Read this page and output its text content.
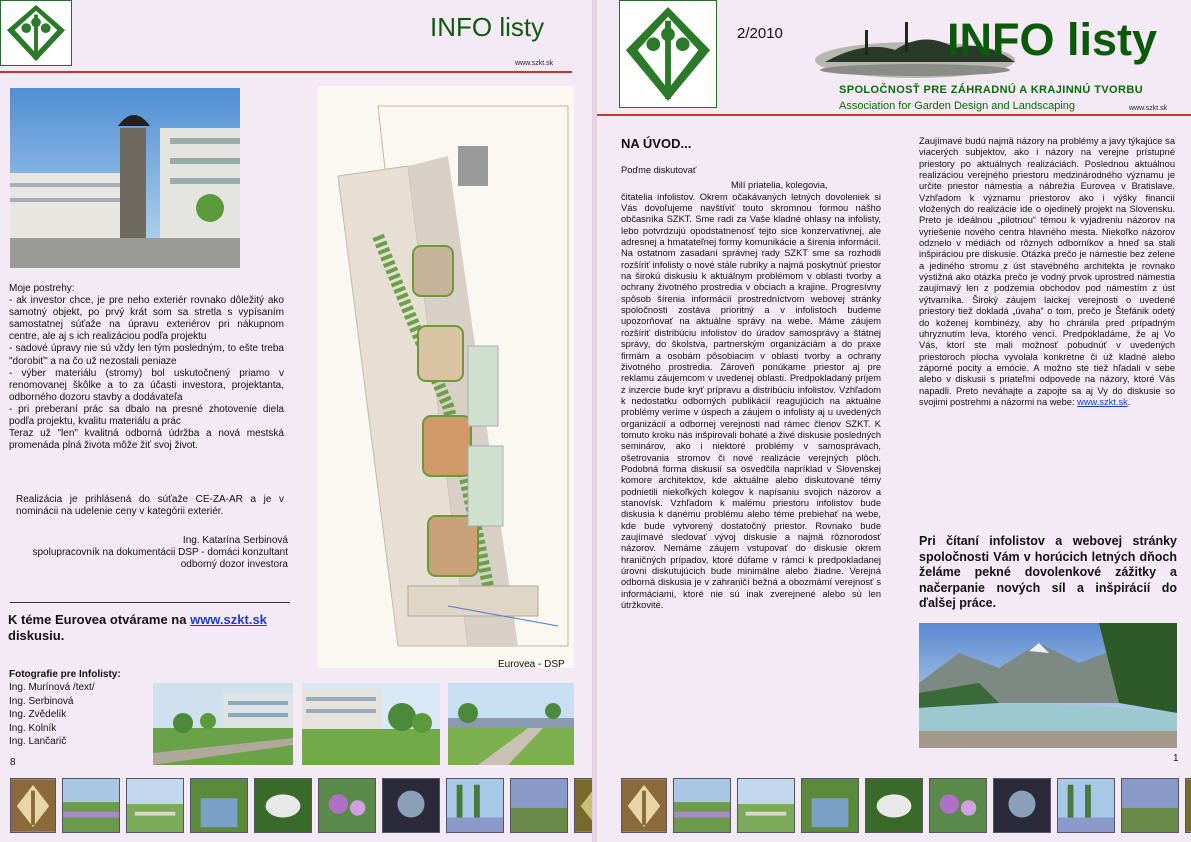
INFO listy
www.szkt.sk

Moje postrehy:

- ak investor chce, je pre neho exteriér rovnako dôležitý ako samotný objekt, po prvý krát som sa stretla s vypísaním samostatnej súťaže na úpravu exteriérov pri nákupnom centre, ale aj s ich realizáciou podľa projektu
- sadové úpravy nie sú vždy len tým posledným, to ešte treba "dorobiť" a na čo už nezostali peniaze
- výber materiálu (stromy) bol uskutočnený priamo v renomovanej škôlke a to za účasti investora, projektanta, odborného dozoru stavby a dodávateľa
- pri preberaní prác sa dbalo na presné zhotovenie diela podľa projektu, kvalitu materiálu a prác
Teraz už "len" kvalitná odborná údržba a nová mestská promenáda plná života môže žiť svoj život.

Realizácia je prihlásená do súťaže CE-ZA-AR a je v nominácii na udelenie ceny v kategórii exteriér.
Ing. Katarína Serbinová
spolupracovník na dokumentácii DSP - domáci konzultant
odborný dozor investora
K téme Eurovea otvárame na www.szkt.sk
diskusiu.
Eurovea - DSP
Fotografie pre Infolisty:
Ing. Murínová /text/
Ing. Serbinová
Ing. Zvědelík
Ing. Kolník
Ing. Lančarič
8
2/2010	INFO listy
SPOLOČNOSŤ PRE ZÁHRADNÚ A KRAJINNÚ TVORBU
Association for Garden Design and Landscaping	www.szkt.sk
NA ÚVOD...
Poďme diskutovať
Milí priatelia, kolegovia,
čitatelia infolistov. Okrem očakávaných letných dovoleniek si Vás dovoľujeme navštíviť touto skromnou formou nášho občasníka SZKT. Sme radi za Vaše kladné ohlasy na infolisty, lebo potvrdzujú opodstatnenosť tejto sice konzervatívnej, ale adresnej a hmatateľnej formy komunikácie a šírenia informácií. Na ostatnom zasadaní správnej rady SZKT sme sa rozhodli rozšíriť infolisty o nové stále rubriky a najmä poskytnúť priestor na širokú diskusiu k aktuálnym problémom v oblasti tvorby a ochrany životného prostredia v obciach a krajine. Progresívny spôsob šírenia informácií prostredníctvom webovej stránky spoločnosti zostáva prioritný a v infolistoch budeme upozorňovať na aktuálne správy na webe. Máme záujem rozšíriť distribúciu infolistov do úradov samosprávy a štátnej správy, do školstva, partnerským organizáciám a do praxe firmám a osobám pôsobiacim v oblasti tvorby a ochrany životného prostredia. Zároveň ponúkame priestor aj pre reklamu záujemcom v uvedenej oblasti. Predpokladaný príjem z inzercie bude kryť prípravu a distribúciu infolistov. Vzhľadom k nedostatku odborných publikácií reagujúcich na aktuálne problémy veríme v úspech a záujem o infolisty aj u uvedených organizácií a odbornej verejnosti nad rámec členov SZKT. K tomuto kroku nás inšpirovali bohaté a živé diskusie posledných seminárov, ako i niektoré problémy v samosprávach, ošetrovania stromov či nové realizácie verejných plôch. Podobná forma diskusií sa osvedčila napríklad v Slovenskej komore architektov, kde aktuálne alebo diskutované témy podnietili niekoľkých kolegov k napísaniu svojich názorov a stanovísk. Vzhľadom k malému priestoru infolistov bude diskusia k danému problému alebo téme prebiehať na webe, kde bude vytvorený dostatočný priestor. Rovnako bude zaujímavé sledovať vývoj diskusie a najmä rôznorodosť názorov. Nemáme záujem vstupovať do diskusie okrem hraničných prípadov, ktoré dúfame v rámci k predpokladanej úrovni diskutujúcich bude minimálne alebo žiadne. Verejná odborná diskusia je v zahraničí bežná a obozmámí verejnosť s informáciami, ktoré nie sú inak zverejnené alebo sú len útržkovité.
Zaujímavé budú najmä názory na problémy a javy týkajúce sa viacerých subjektov, ako i názory na verejne prístupné priestory po aktuálnych realizáciách. Poslednou aktuálnou realizáciou verejného priestoru medzinárodného významu je určite priestor námestia a nábrežia Eurovea v Bratislave. Vzhľadom k významu priestorov ako i výšky financií vložených do realizácie ide o ojedinelý projekt na Slovensku. Preto je ideálnou „pilotnou“ témou k vyjadreniu názorov na vyriešenie nového centra hlavného mesta. Niekoľko názorov odznelo v médiách od rôznych odborníkov a hneď sa stali inšpiráciou pre diskusie. Otázka prečo je námestie bez zelene a jediného stromu z úst stavebného architekta je rovnako výstižná ako otázka prečo je vodný prvok uprostred námestia zaujímavý len z podzemia obchodov pod námestím z úst výtvarníka. Široký záujem laickej verejnosti o uvedené priestory tiež dokladá „úvaha“ o tom, prečo je Štefánik odetý do koženej kombinézy, aby ho chránila pred prípadným uhryznutím leva, ktorého vencí. Predpokladáme, že aj Vo Vás, ktorí ste mali možnosť pobudnúť v uvedených priestoroch plocha vyvolala konkrétne či už kladné alebo záporné pocity a emócie. A možno ste tiež hľadali v sebe alebo v diskusii s priateľmi odpovede na názory, ktoré Vás napadli. Preto neváhajte a zapojte sa aj Vy do diskusie so svojimi postrehmi a názormi na webe: www.szkt.sk.
Pri čítaní infolistov a webovej stránky spoločnosti Vám v horúcich letných dňoch želáme pekné dovolenkové zážitky a načerpanie nových síl a inšpirácií do ďalšej práce.
1
